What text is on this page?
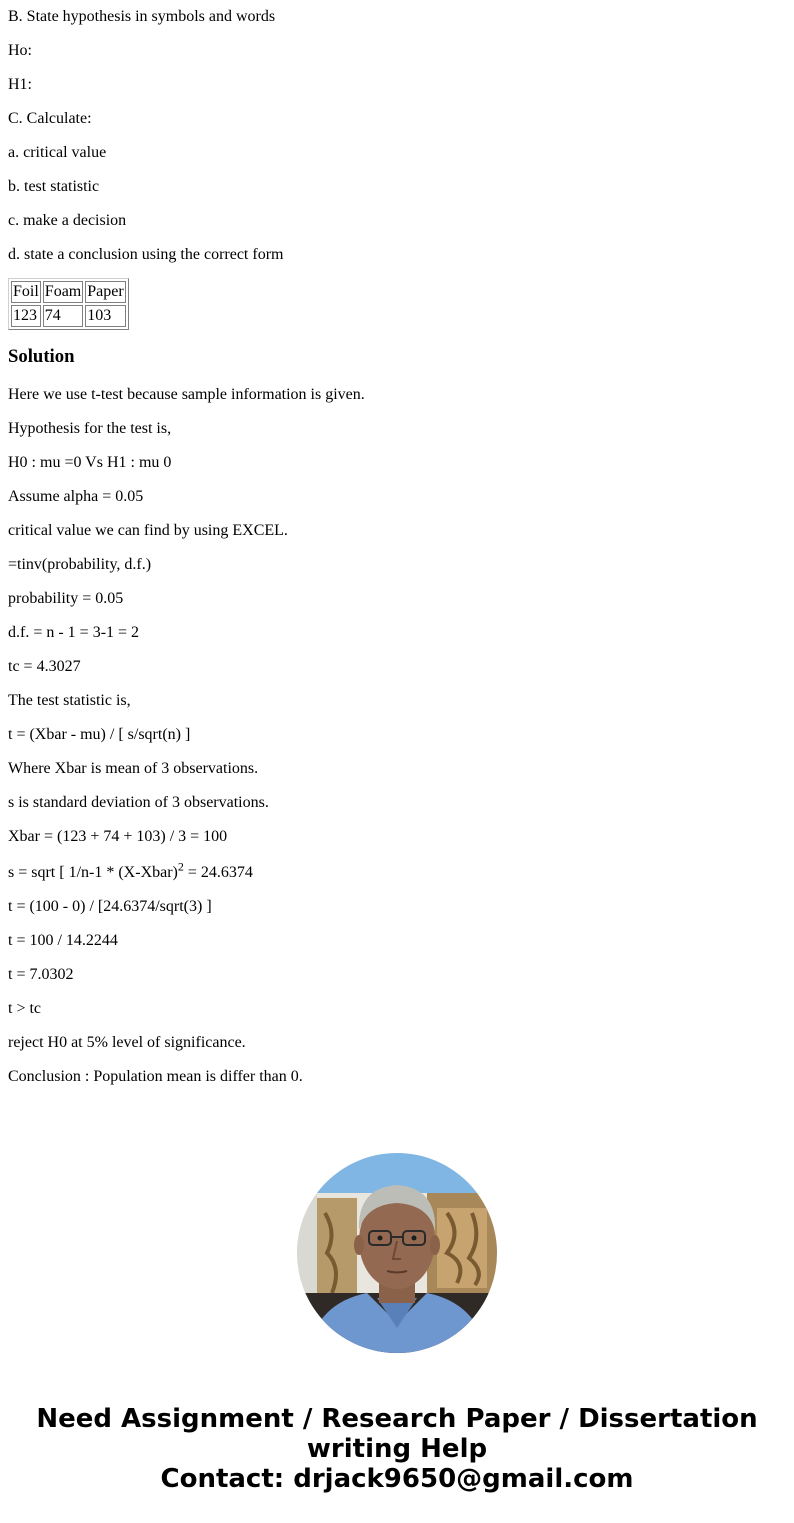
B. State hypothesis in symbols and words

Ho:

H1:

C. Calculate:

a. critical value

b. test statistic

c. make a decision

d. state a conclusion using the correct form

Foil	Foam	Paper
123	74	103
Solution

Here we use t-test because sample information is given.

Hypothesis for the test is,

H0 : mu =0 Vs H1 : mu 0

Assume alpha = 0.05

critical value we can find by using EXCEL.

=tinv(probability, d.f.)

probability = 0.05

d.f. = n - 1 = 3-1 = 2

tc = 4.3027

The test statistic is,

t = (Xbar - mu) / [ s/sqrt(n) ]

Where Xbar is mean of 3 observations.

s is standard deviation of 3 observations.

Xbar = (123 + 74 + 103) / 3 = 100

s = sqrt [ 1/n-1 * (X-Xbar)$^2$ = 24.6374

t = (100 - 0) / [24.6374/sqrt(3) ]

t = 100 / 14.2244

t = 7.0302

t > tc

reject H0 at 5% level of significance.

Conclusion : Population mean is differ than 0.

Need Assignment / Research Paper / Dissertation
writing Help
Contact: drjack9650@gmail.com
